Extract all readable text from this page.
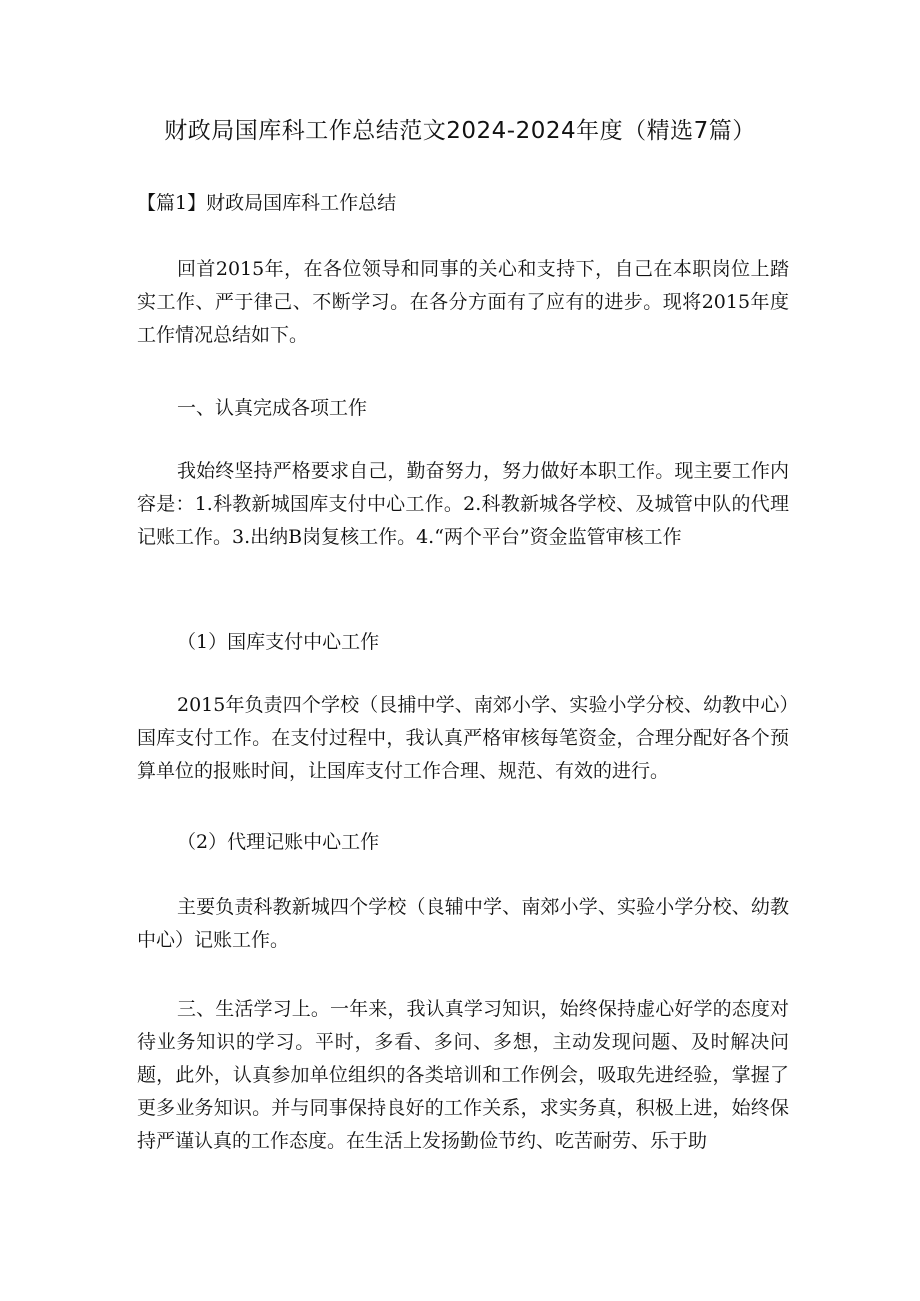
财政局国库科工作总结范文2024-2024年度（精选7篇）
【篇1】财政局国库科工作总结

回首2015年，在各位领导和同事的关心和支持下，自己在本职岗位上踏实工作、严于律己、不断学习。在各分方面有了应有的进步。现将2015年度工作情况总结如下。

一、认真完成各项工作

我始终坚持严格要求自己，勤奋努力，努力做好本职工作。现主要工作内容是：1.科教新城国库支付中心工作。2.科教新城各学校、及城管中队的代理记账工作。3.出纳B岗复核工作。4.“两个平台”资金监管审核工作

（1）国库支付中心工作

2015年负责四个学校（艮捕中学、南郊小学、实验小学分校、幼教中心）国库支付工作。在支付过程中，我认真严格审核每笔资金，合理分配好各个预算单位的报账时间，让国库支付工作合理、规范、有效的进行。

（2）代理记账中心工作

主要负责科教新城四个学校（良辅中学、南郊小学、实验小学分校、幼教中心）记账工作。

三、生活学习上。一年来，我认真学习知识，始终保持虚心好学的态度对待业务知识的学习。平时，多看、多问、多想，主动发现问题、及时解决问题，此外，认真参加单位组织的各类培训和工作例会，吸取先进经验，掌握了更多业务知识。并与同事保持良好的工作关系，求实务真，积极上进，始终保持严谨认真的工作态度。在生活上发扬勤俭节约、吃苦耐劳、乐于助
